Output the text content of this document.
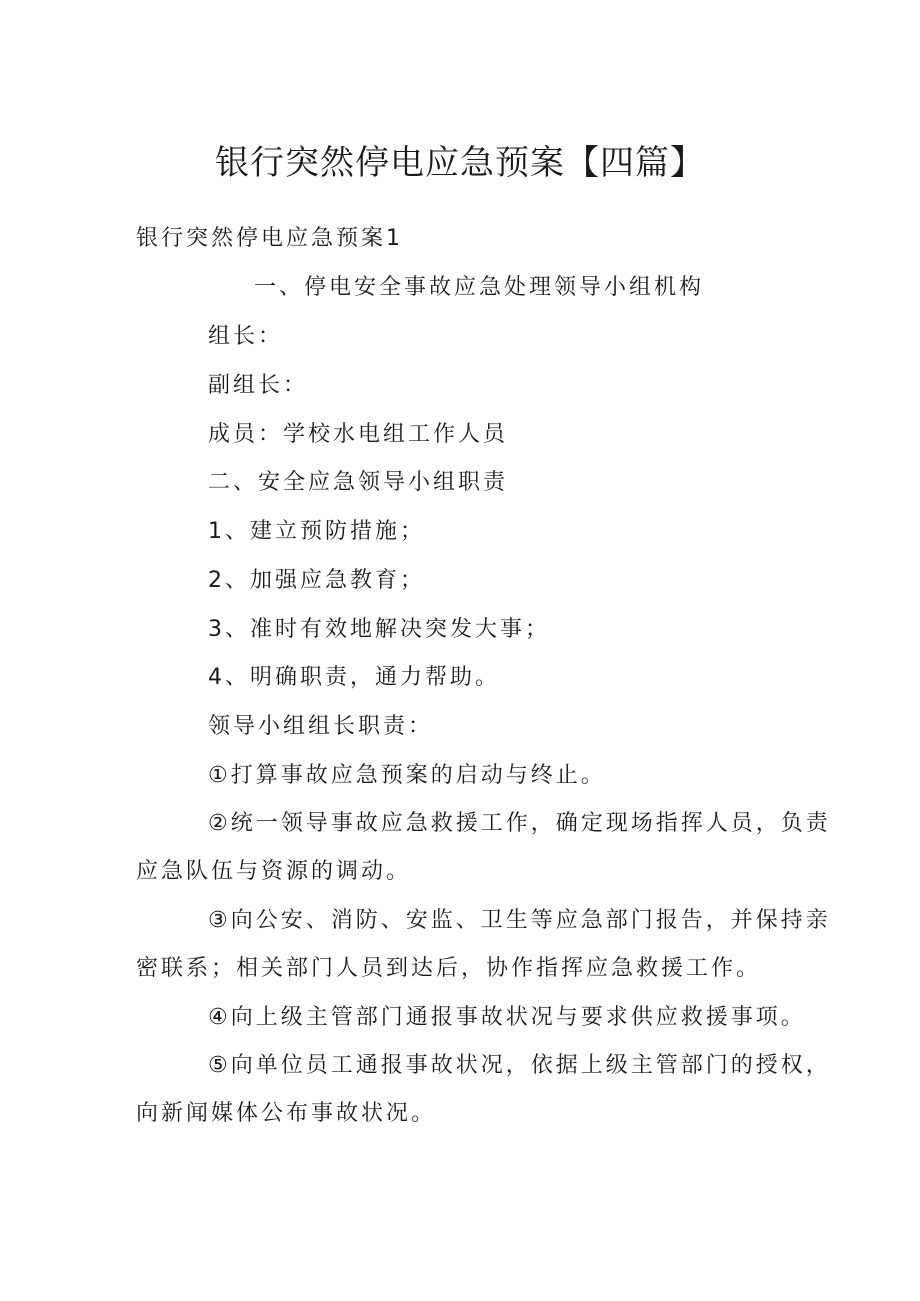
银行突然停电应急预案【四篇】
银行突然停电应急预案1
一、停电安全事故应急处理领导小组机构
组长：
副组长：
成员：学校水电组工作人员
二、安全应急领导小组职责
1、建立预防措施；
2、加强应急教育；
3、准时有效地解决突发大事；
4、明确职责，通力帮助。
领导小组组长职责：
①打算事故应急预案的启动与终止。
②统一领导事故应急救援工作，确定现场指挥人员，负责
应急队伍与资源的调动。
③向公安、消防、安监、卫生等应急部门报告，并保持亲
密联系；相关部门人员到达后，协作指挥应急救援工作。
④向上级主管部门通报事故状况与要求供应救援事项。
⑤向单位员工通报事故状况，依据上级主管部门的授权，
向新闻媒体公布事故状况。
